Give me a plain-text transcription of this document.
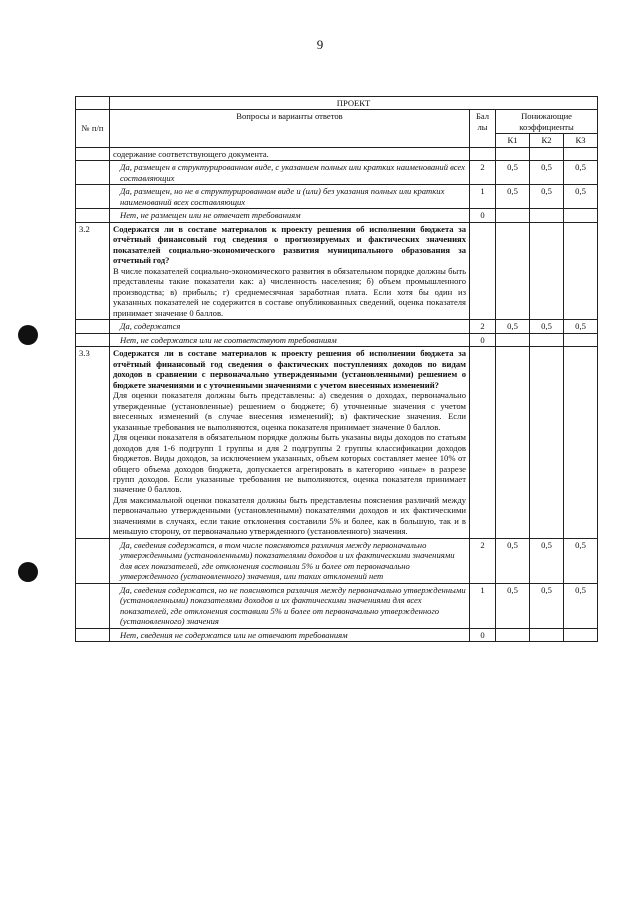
9
	ПРОЕКТ				
№ п/п	Вопросы и варианты ответов	Бал лы	Понижающие коэффициенты		
			К1	К2	К3
	содержание соответствующего документа.				
	Да, размещен в структурированном виде, с указанием полных или кратких наименований всех составляющих	2	0,5	0,5	0,5
	Да, размещен, но не в структурированном виде и (или) без указания полных или кратких наименований всех составляющих	1	0,5	0,5	0,5
	Нет, не размещен или не отвечает требованиям	0			
3.2	Содержатся ли в составе материалов к проекту решения об исполнении бюджета за отчётный финансовый год сведения о прогнозируемых и фактических значениях показателей социально-экономического развития муниципального образования за отчетный год?

В числе показателей социально-экономического развития в обязательном порядке должны быть представлены такие показатели как: а) численность населения; б) объем промышленного производства; в) прибыль; г) среднемесячная заработная плата. Если хотя бы один из указанных показателей не содержится в составе опубликованных сведений, оценка показателя принимает значение 0 баллов.				

	Да, содержатся	2	0,5	0,5	0,5
	Нет, не содержатся или не соответствуют требованиям	0			
3.3	Содержатся ли в составе материалов к проекту решения об исполнении бюджета за отчётный финансовый год сведения о фактических поступлениях доходов по видам доходов в сравнении с первоначально утвержденными (установленными) решением о бюджете значениями и с уточненными значениями с учетом внесенных изменений?

Для оценки показателя должны быть представлены: а) сведения о доходах, первоначально утвержденные (установленные) решением о бюджете; б) уточненные значения с учетом внесенных изменений (в случае внесения изменений); в) фактические значения. Если указанные требования не выполняются, оценка показателя принимает значение 0 баллов.

Для оценки показателя в обязательном порядке должны быть указаны виды доходов по статьям доходов для 1-6 подгрупп 1 группы и для 2 подгруппы 2 группы классификации доходов бюджетов. Виды доходов, за исключением указанных, объем которых составляет менее 10% от общего объема доходов бюджета, допускается агрегировать в категорию «иные» в разрезе групп доходов. Если указанные требования не выполняются, оценка показателя принимает значение 0 баллов.

Для максимальной оценки показателя должны быть представлены пояснения различий между первоначально утвержденными (установленными) показателями доходов и их фактическими значениями в случаях, если такие отклонения составили 5% и более, как в большую, так и в меньшую сторону, от первоначально утвержденного (установленного) значения.				

	Да, сведения содержатся, в том числе поясняются различия между первоначально утвержденными (установленными) показателями доходов и их фактическими значениями для всех показателей, где отклонения составили 5% и более от первоначально утвержденного (установленного) значения, или таких отклонений нет	2	0,5	0,5	0,5
	Да, сведения содержатся, но не поясняются различия между первоначально утвержденными (установленными) показателями доходов и их фактическими значениями для всех показателей, где отклонения составили 5% и более от первоначально утвержденного (установленного) значения	1	0,5	0,5	0,5
	Нет, сведения не содержатся или не отвечают требованиям	0			
